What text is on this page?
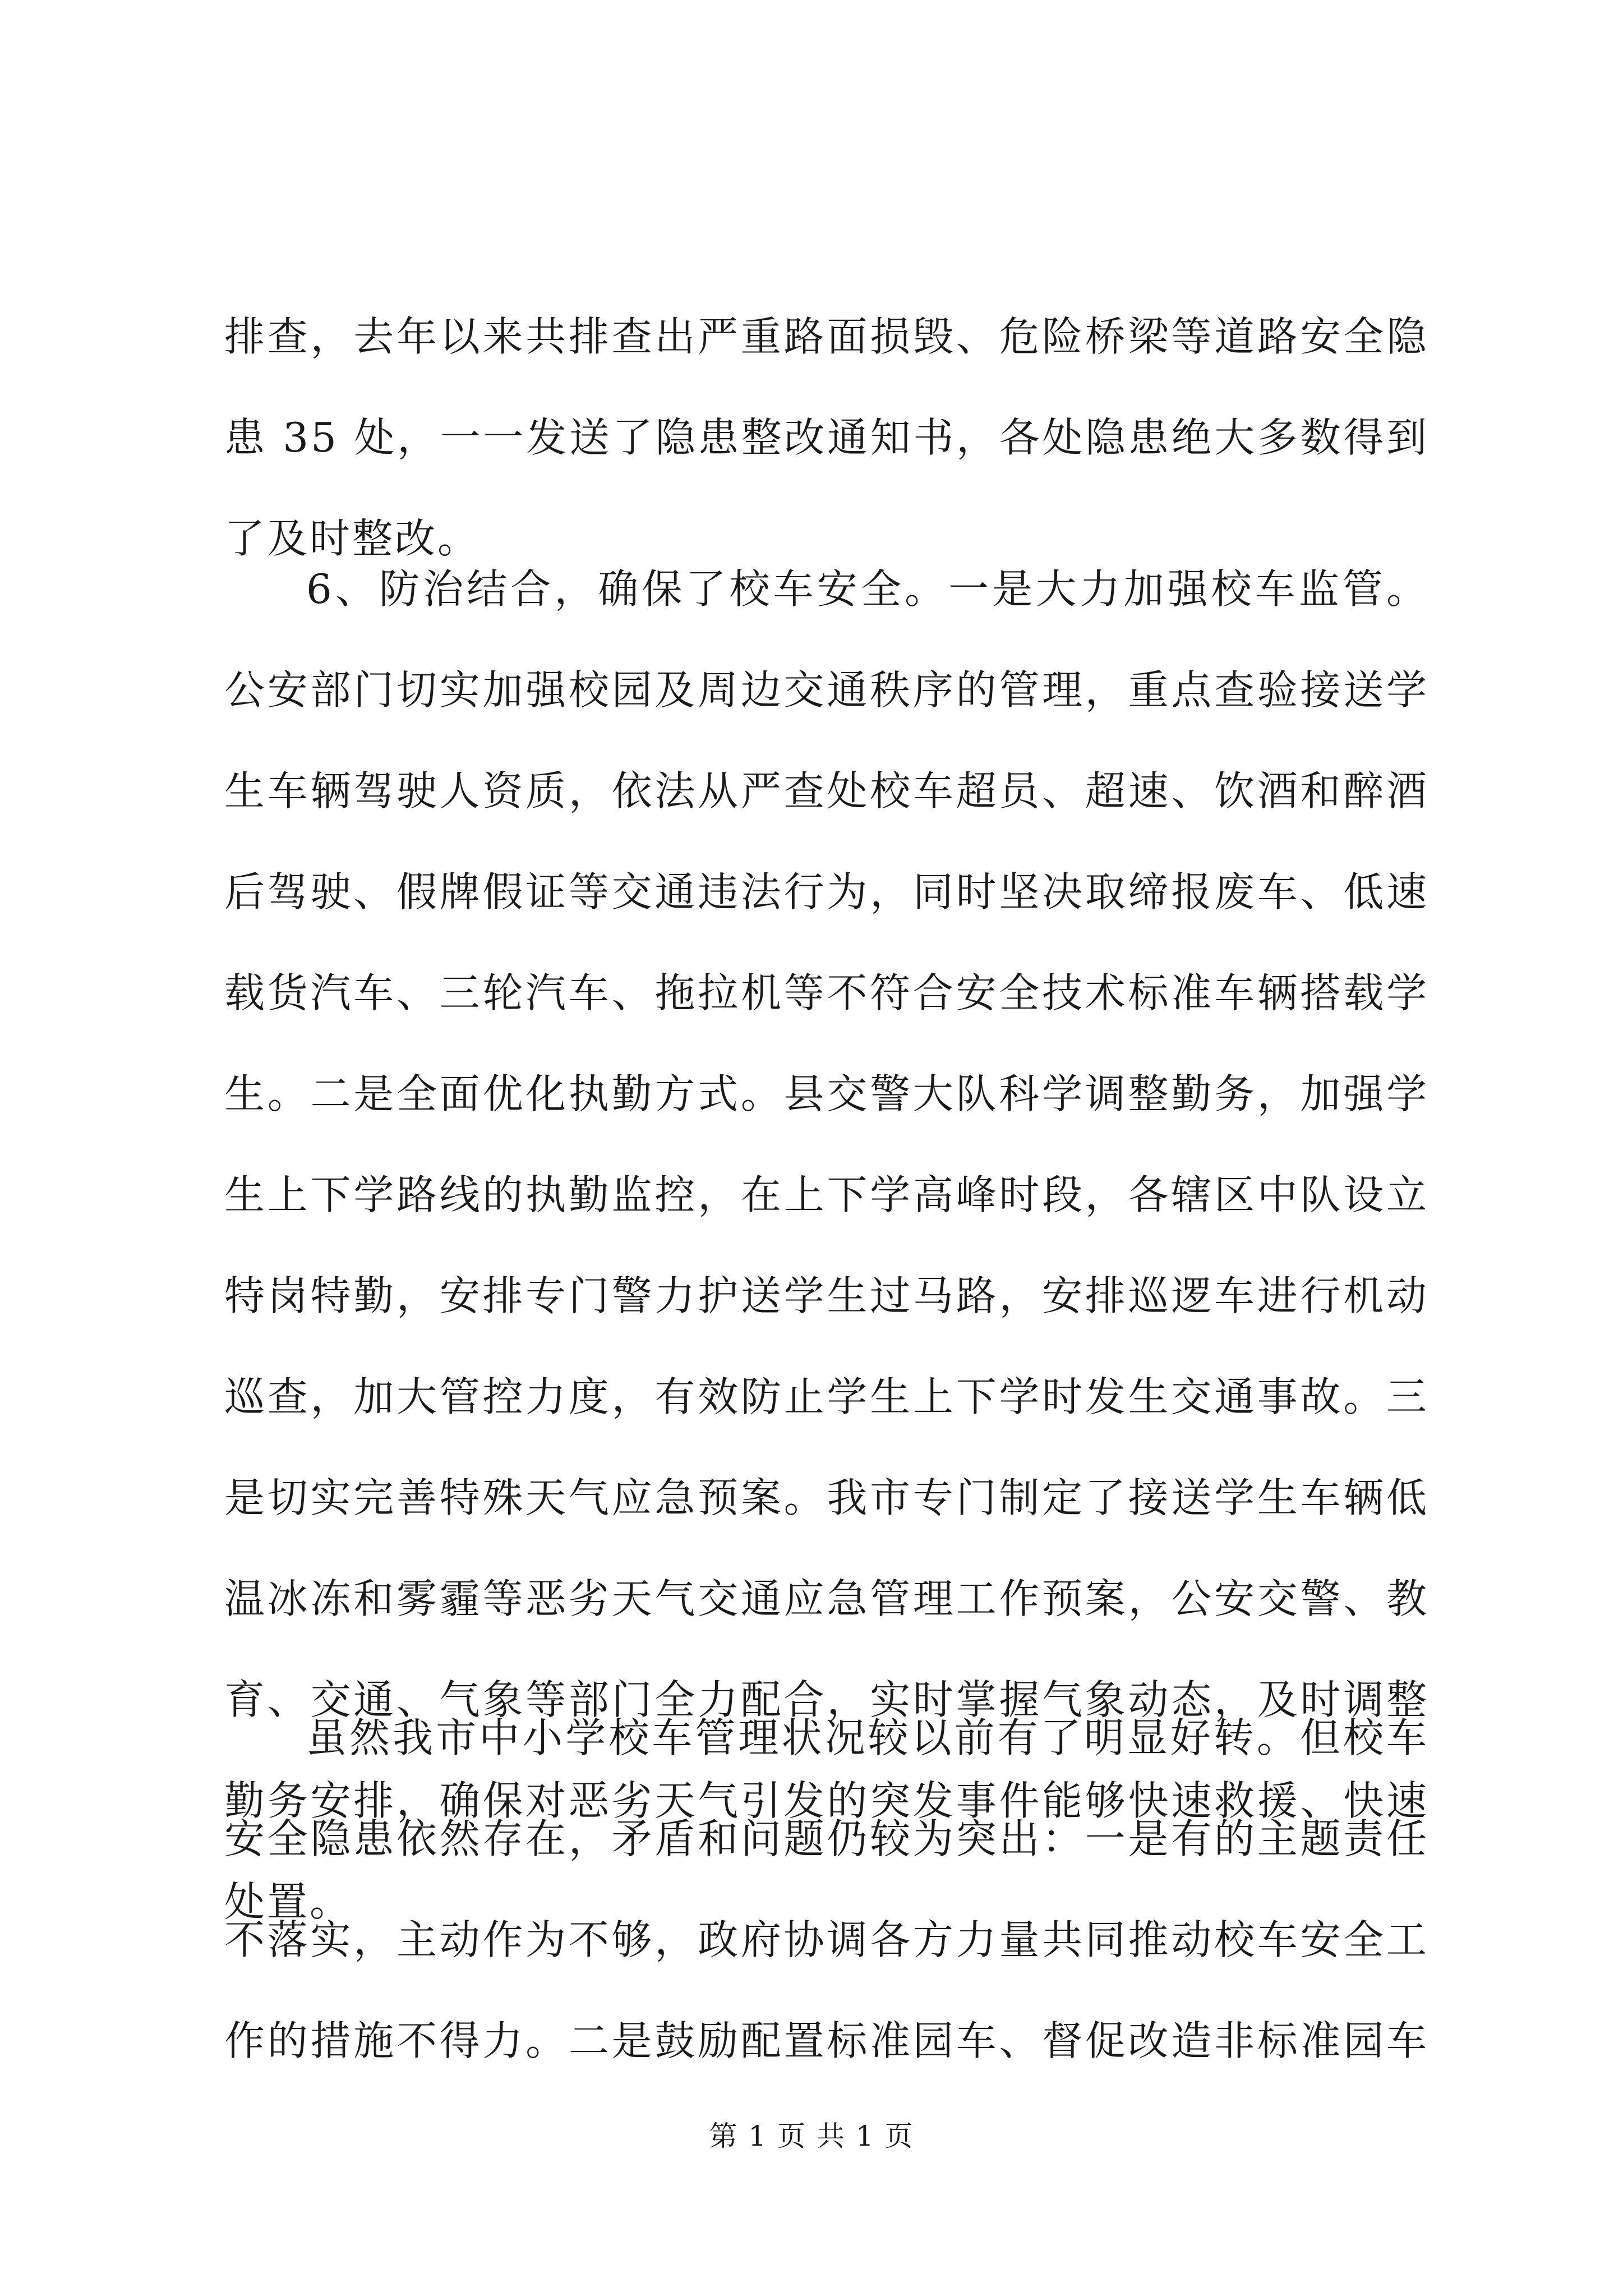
排查，去年以来共排查出严重路面损毁、危险桥梁等道路安全隐
患 35 处，一一发送了隐患整改通知书，各处隐患绝大多数得到
了及时整改。
6、防治结合，确保了校车安全。一是大力加强校车监管。
公安部门切实加强校园及周边交通秩序的管理，重点查验接送学
生车辆驾驶人资质，依法从严查处校车超员、超速、饮酒和醉酒
后驾驶、假牌假证等交通违法行为，同时坚决取缔报废车、低速
载货汽车、三轮汽车、拖拉机等不符合安全技术标准车辆搭载学
生。二是全面优化执勤方式。县交警大队科学调整勤务，加强学
生上下学路线的执勤监控，在上下学高峰时段，各辖区中队设立
特岗特勤，安排专门警力护送学生过马路，安排巡逻车进行机动
巡查，加大管控力度，有效防止学生上下学时发生交通事故。三
是切实完善特殊天气应急预案。我市专门制定了接送学生车辆低
温冰冻和雾霾等恶劣天气交通应急管理工作预案，公安交警、教
育、交通、气象等部门全力配合，实时掌握气象动态，及时调整
勤务安排，确保对恶劣天气引发的突发事件能够快速救援、快速
处置。
虽然我市中小学校车管理状况较以前有了明显好转。但校车
安全隐患依然存在，矛盾和问题仍较为突出：一是有的主题责任
不落实，主动作为不够，政府协调各方力量共同推动校车安全工
作的措施不得力。二是鼓励配置标准园车、督促改造非标准园车
第 1 页 共 1 页
